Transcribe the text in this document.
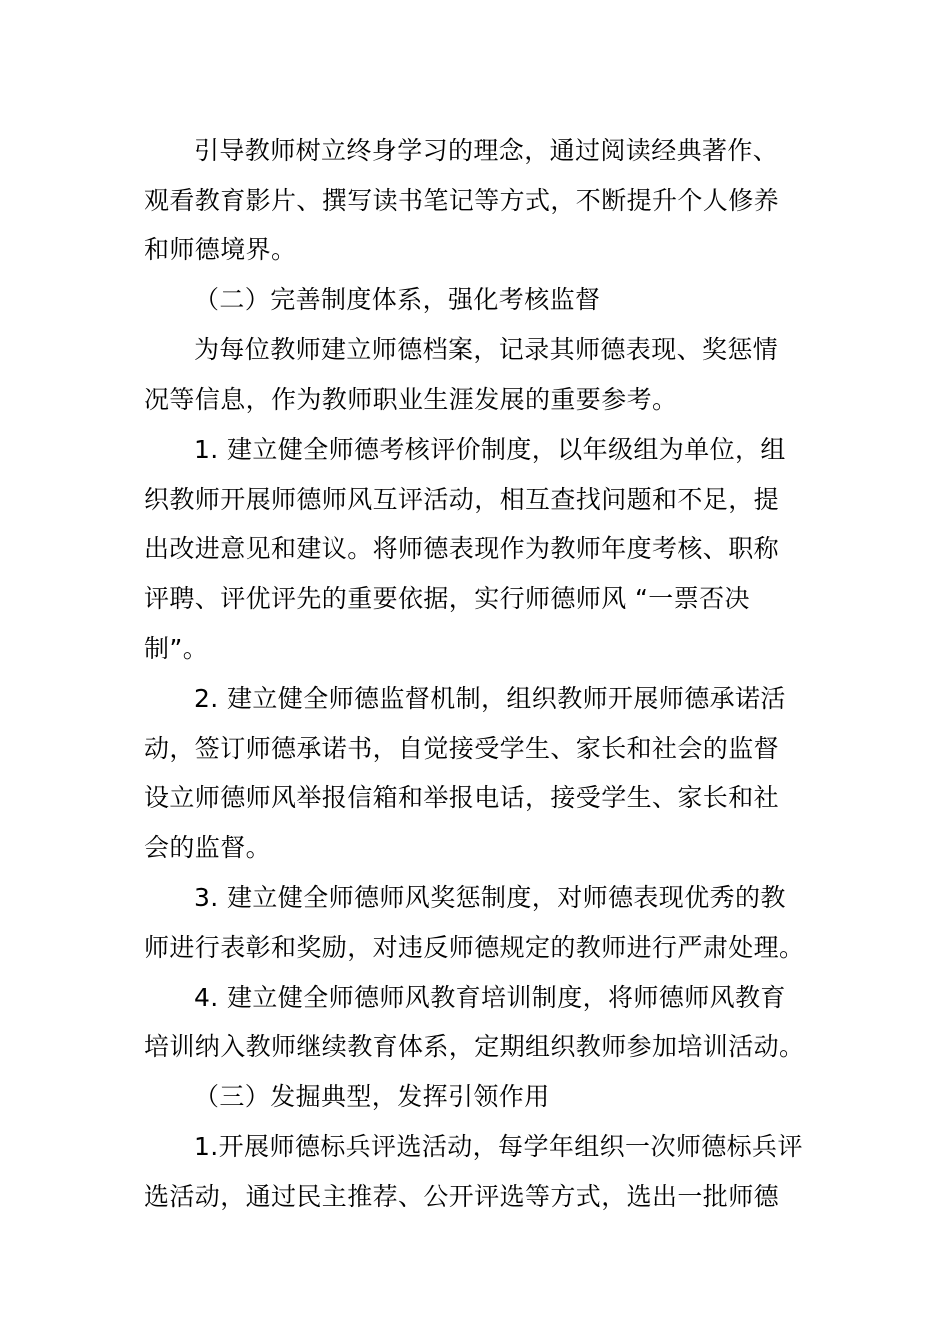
引导教师树立终身学习的理念，通过阅读经典著作、
观看教育影片、撰写读书笔记等方式，不断提升个人修养
和师德境界。
（二）完善制度体系，强化考核监督
为每位教师建立师德档案，记录其师德表现、奖惩情
况等信息，作为教师职业生涯发展的重要参考。
1. 建立健全师德考核评价制度，以年级组为单位，组
织教师开展师德师风互评活动，相互查找问题和不足，提
出改进意见和建议。将师德表现作为教师年度考核、职称
评聘、评优评先的重要依据，实行师德师风 “一票否决
制”。
2. 建立健全师德监督机制，组织教师开展师德承诺活
动，签订师德承诺书，自觉接受学生、家长和社会的监督
设立师德师风举报信箱和举报电话，接受学生、家长和社
会的监督。
3. 建立健全师德师风奖惩制度，对师德表现优秀的教
师进行表彰和奖励，对违反师德规定的教师进行严肃处理。
4. 建立健全师德师风教育培训制度，将师德师风教育
培训纳入教师继续教育体系，定期组织教师参加培训活动。
（三）发掘典型，发挥引领作用
1.开展师德标兵评选活动，每学年组织一次师德标兵评
选活动，通过民主推荐、公开评选等方式，选出一批师德
